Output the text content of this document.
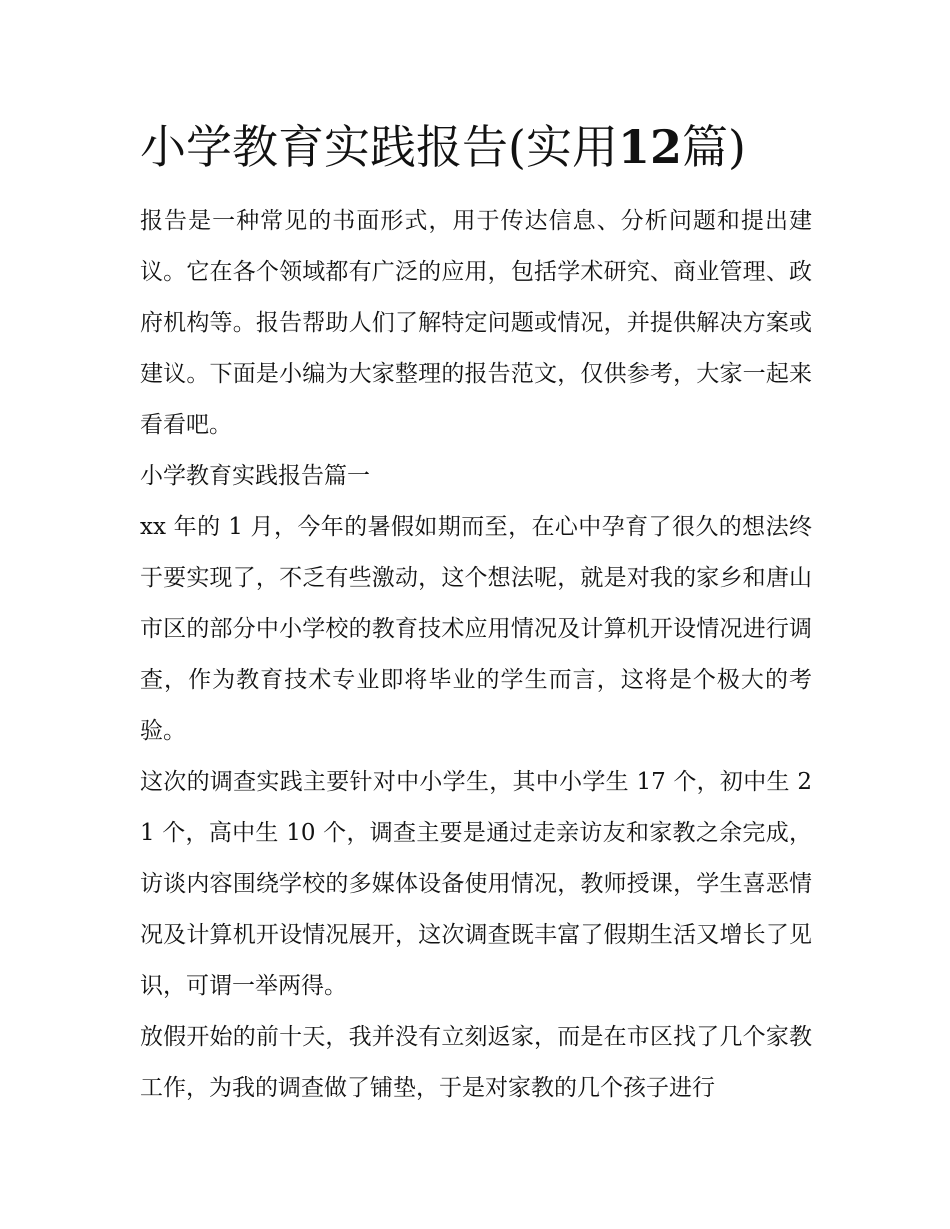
小学教育实践报告(实用12篇)

报告是一种常见的书面形式，用于传达信息、分析问题和提出建议。它在各个领域都有广泛的应用，包括学术研究、商业管理、政府机构等。报告帮助人们了解特定问题或情况，并提供解决方案或建议。下面是小编为大家整理的报告范文，仅供参考，大家一起来看看吧。

小学教育实践报告篇一

xx 年的 1 月，今年的暑假如期而至，在心中孕育了很久的想法终于要实现了，不乏有些激动，这个想法呢，就是对我的家乡和唐山市区的部分中小学校的教育技术应用情况及计算机开设情况进行调查，作为教育技术专业即将毕业的学生而言，这将是个极大的考验。

这次的调查实践主要针对中小学生，其中小学生 17 个，初中生 21 个，高中生 10 个，调查主要是通过走亲访友和家教之余完成，访谈内容围绕学校的多媒体设备使用情况，教师授课，学生喜恶情况及计算机开设情况展开，这次调查既丰富了假期生活又增长了见识，可谓一举两得。

放假开始的前十天，我并没有立刻返家，而是在市区找了几个家教工作，为我的调查做了铺垫，于是对家教的几个孩子进行
